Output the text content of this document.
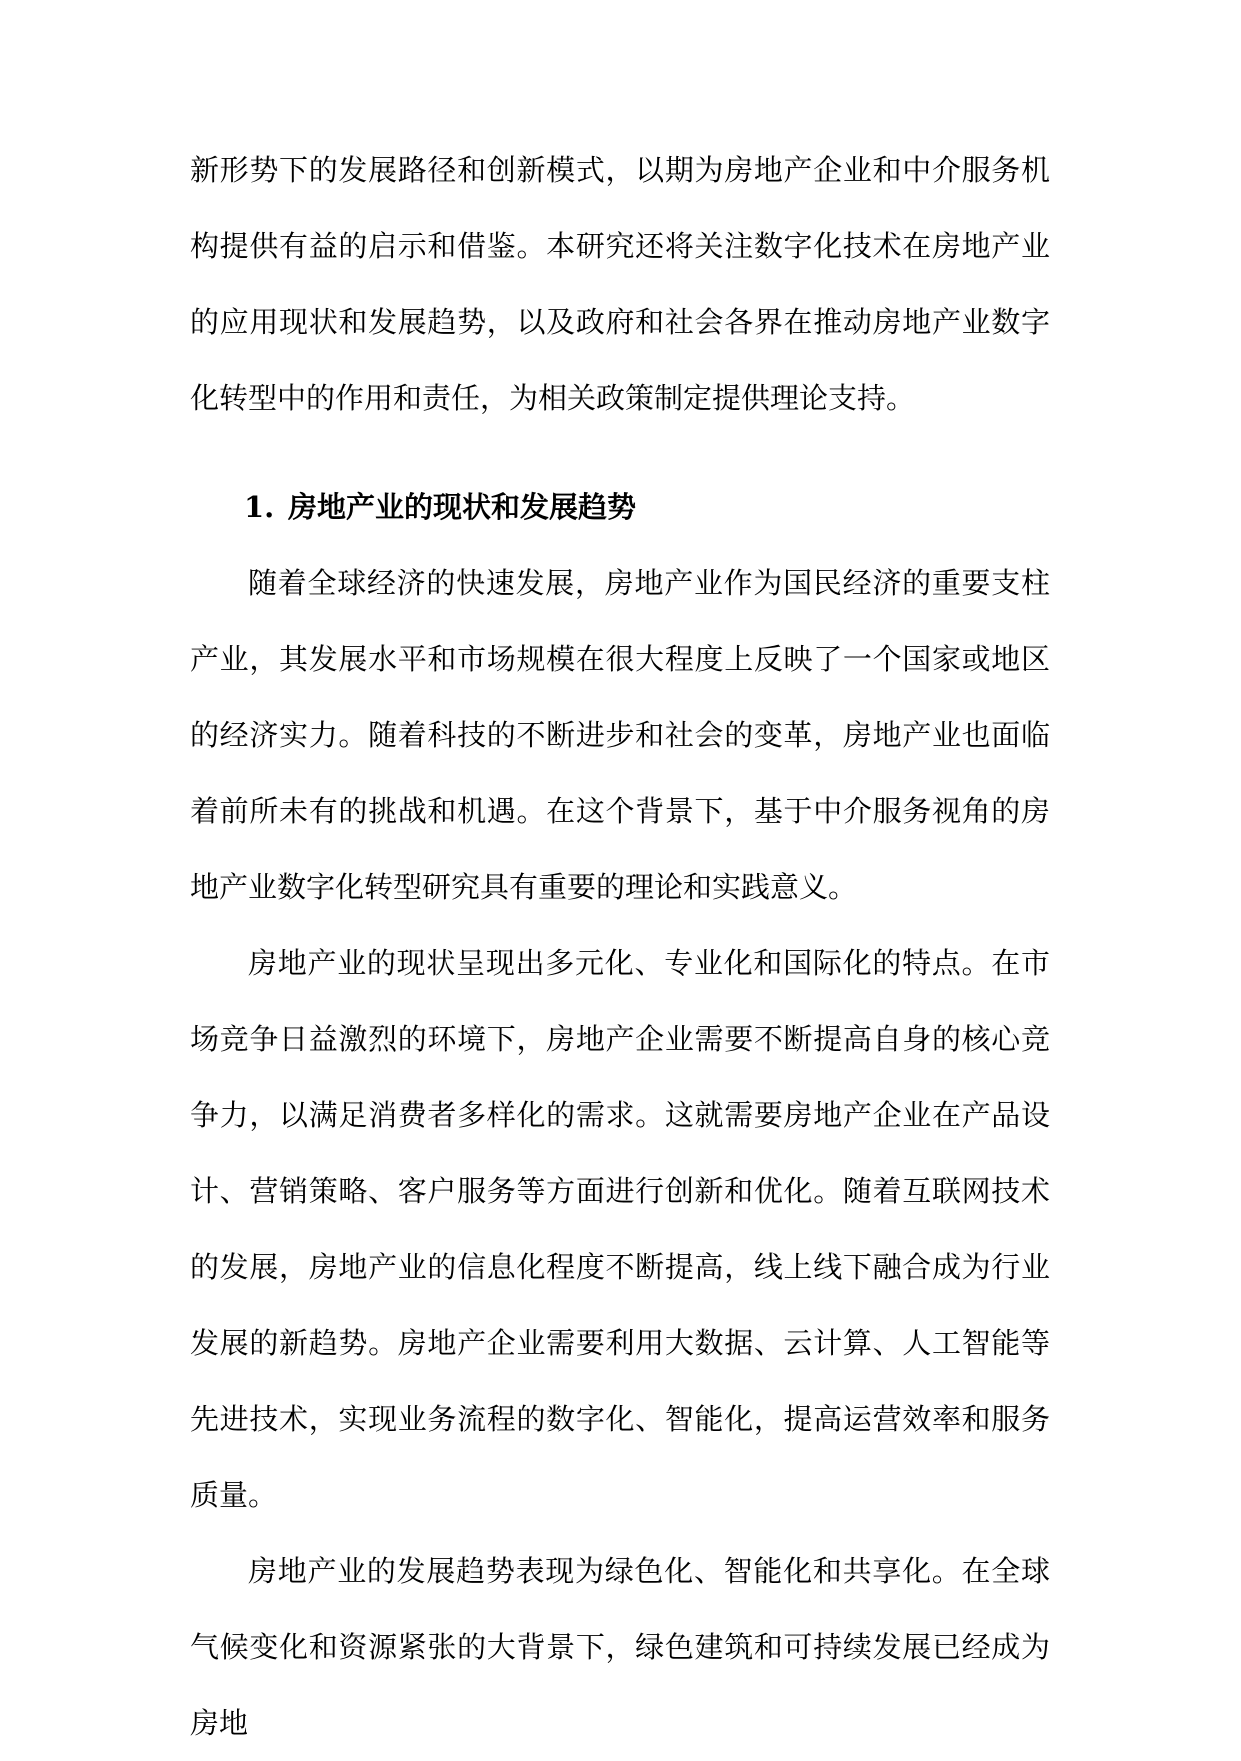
新形势下的发展路径和创新模式，以期为房地产企业和中介服务机构提供有益的启示和借鉴。本研究还将关注数字化技术在房地产业的应用现状和发展趋势，以及政府和社会各界在推动房地产业数字化转型中的作用和责任，为相关政策制定提供理论支持。
1. 房地产业的现状和发展趋势

随着全球经济的快速发展，房地产业作为国民经济的重要支柱产业，其发展水平和市场规模在很大程度上反映了一个国家或地区的经济实力。随着科技的不断进步和社会的变革，房地产业也面临着前所未有的挑战和机遇。在这个背景下，基于中介服务视角的房地产业数字化转型研究具有重要的理论和实践意义。

房地产业的现状呈现出多元化、专业化和国际化的特点。在市场竞争日益激烈的环境下，房地产企业需要不断提高自身的核心竞争力，以满足消费者多样化的需求。这就需要房地产企业在产品设计、营销策略、客户服务等方面进行创新和优化。随着互联网技术的发展，房地产业的信息化程度不断提高，线上线下融合成为行业发展的新趋势。房地产企业需要利用大数据、云计算、人工智能等先进技术，实现业务流程的数字化、智能化，提高运营效率和服务质量。

房地产业的发展趋势表现为绿色化、智能化和共享化。在全球气候变化和资源紧张的大背景下，绿色建筑和可持续发展已经成为房地
